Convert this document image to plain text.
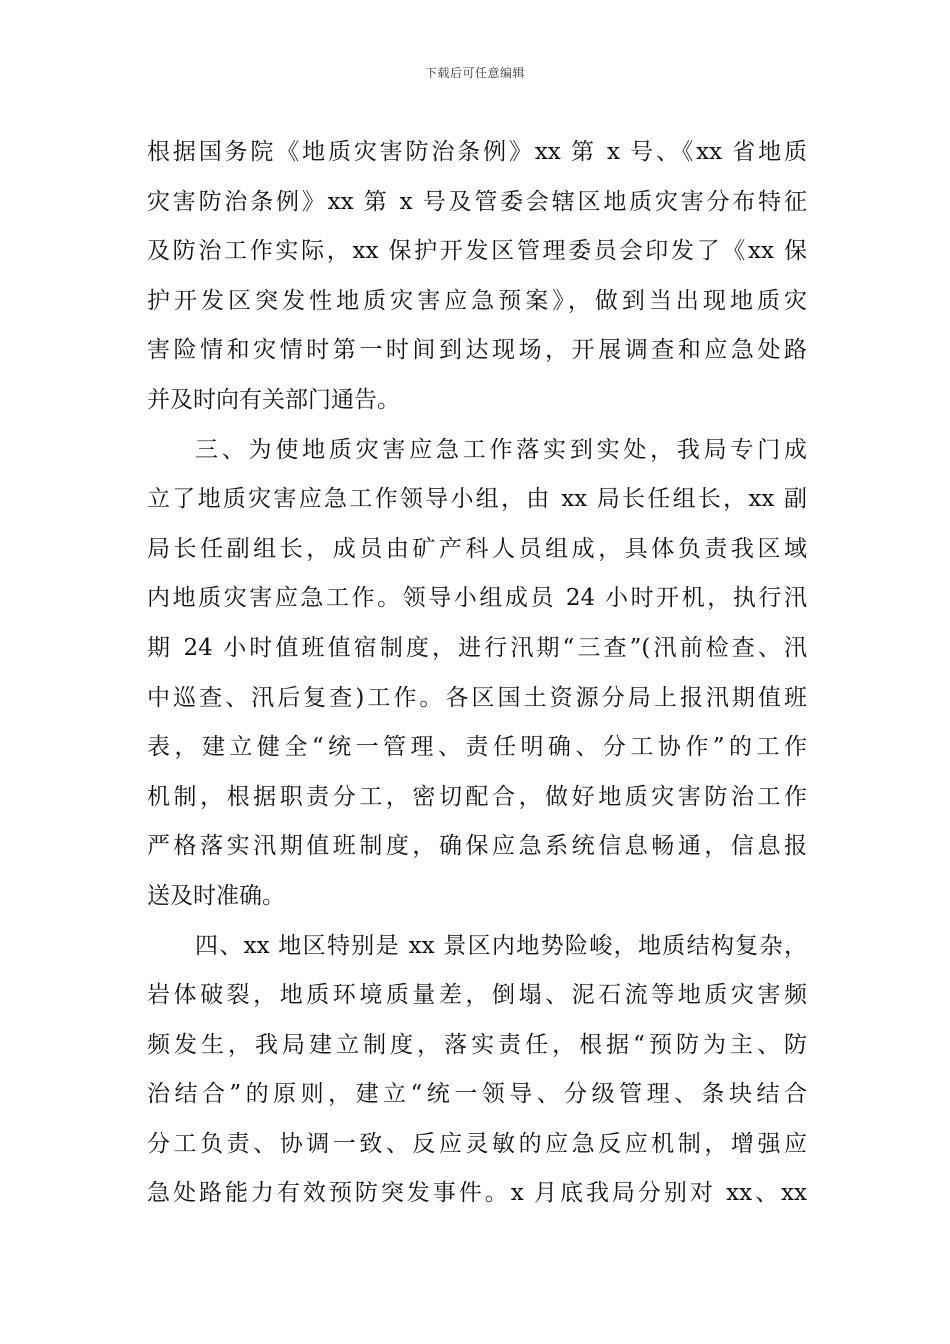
下载后可任意编辑
根据国务院《地质灾害防治条例》xx 第 x 号、《xx 省地质
灾害防治条例》xx 第 x 号及管委会辖区地质灾害分布特征
及防治工作实际，xx 保护开发区管理委员会印发了《xx 保
护开发区突发性地质灾害应急预案》，做到当出现地质灾
害险情和灾情时第一时间到达现场，开展调查和应急处路
并及时向有关部门通告。
三、为使地质灾害应急工作落实到实处，我局专门成
立了地质灾害应急工作领导小组，由 xx 局长任组长，xx 副
局长任副组长，成员由矿产科人员组成，具体负责我区域
内地质灾害应急工作。领导小组成员 24 小时开机，执行汛
期 24 小时值班值宿制度，进行汛期“三查”(汛前检查、汛
中巡查、汛后复查)工作。各区国土资源分局上报汛期值班
表，建立健全“统一管理、责任明确、分工协作”的工作
机制，根据职责分工，密切配合，做好地质灾害防治工作
严格落实汛期值班制度，确保应急系统信息畅通，信息报
送及时准确。
四、xx 地区特别是 xx 景区内地势险峻，地质结构复杂，
岩体破裂，地质环境质量差，倒塌、泥石流等地质灾害频
频发生，我局建立制度，落实责任，根据“预防为主、防
治结合”的原则，建立“统一领导、分级管理、条块结合
分工负责、协调一致、反应灵敏的应急反应机制，增强应
急处路能力有效预防突发事件。x 月底我局分别对 xx、xx
